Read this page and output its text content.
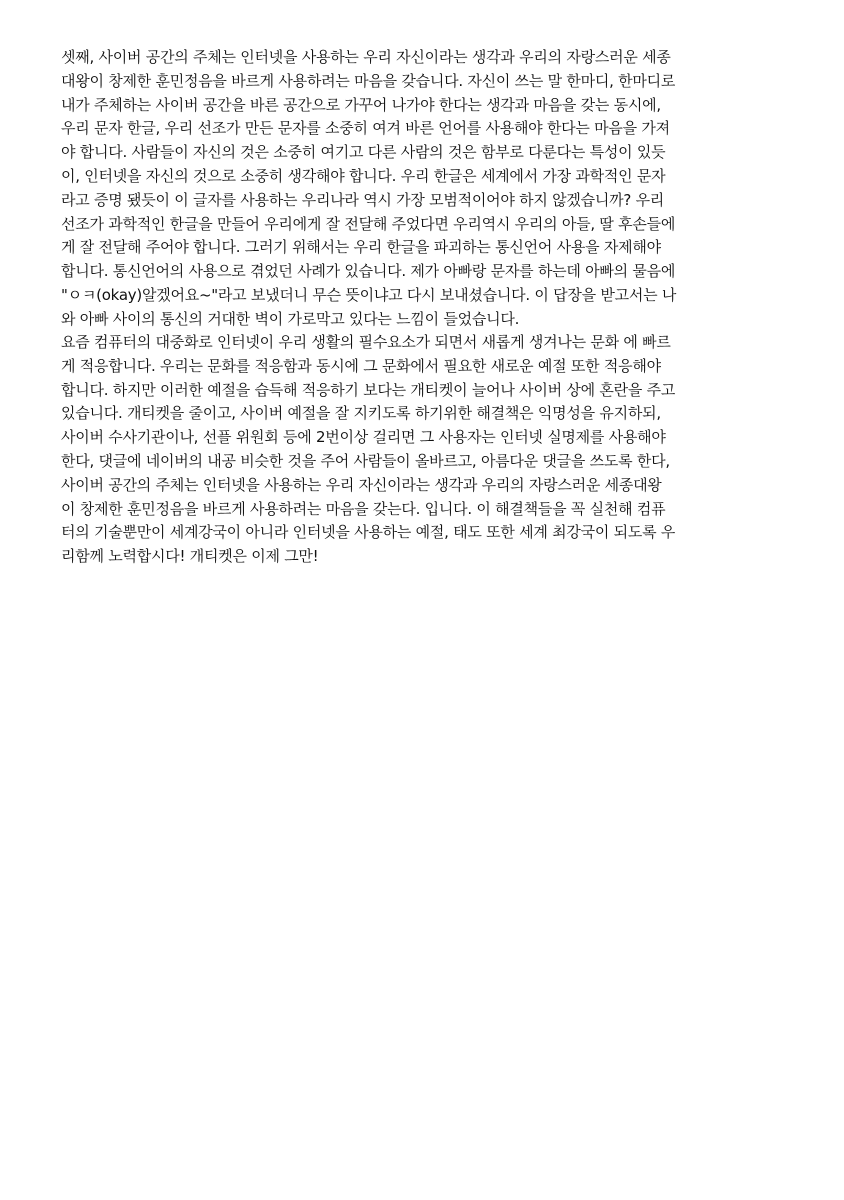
셋째, 사이버 공간의 주체는 인터넷을 사용하는 우리 자신이라는 생각과 우리의 자랑스러운 세종
대왕이 창제한 훈민정음을 바르게 사용하려는 마음을 갖습니다. 자신이 쓰는 말 한마디, 한마디로
내가 주체하는 사이버 공간을 바른 공간으로 가꾸어 나가야 한다는 생각과 마음을 갖는 동시에,
우리 문자 한글, 우리 선조가 만든 문자를 소중히 여겨 바른 언어를 사용해야 한다는 마음을 가져
야 합니다. 사람들이 자신의 것은 소중히 여기고 다른 사람의 것은 함부로 다룬다는 특성이 있듯
이, 인터넷을 자신의 것으로 소중히 생각해야 합니다. 우리 한글은 세계에서 가장 과학적인 문자
라고 증명 됐듯이 이 글자를 사용하는 우리나라 역시 가장 모범적이어야 하지 않겠습니까? 우리
선조가 과학적인 한글을 만들어 우리에게 잘 전달해 주었다면 우리역시 우리의 아들, 딸 후손들에
게 잘 전달해 주어야 합니다. 그러기 위해서는 우리 한글을 파괴하는 통신언어 사용을 자제해야
합니다. 통신언어의 사용으로 겪었던 사례가 있습니다. 제가 아빠랑 문자를 하는데 아빠의 물음에
"ㅇㅋ(okay)알겠어요~"라고 보냈더니 무슨 뜻이냐고 다시 보내셨습니다. 이 답장을 받고서는 나
와 아빠 사이의 통신의 거대한 벽이 가로막고 있다는 느낌이 들었습니다.

요즘 컴퓨터의 대중화로 인터넷이 우리 생활의 필수요소가 되면서 새롭게 생겨나는 문화 에 빠르
게 적응합니다. 우리는 문화를 적응함과 동시에 그 문화에서 필요한 새로운 예절 또한 적응해야
합니다. 하지만 이러한 예절을 습득해 적응하기 보다는 개티켓이 늘어나 사이버 상에 혼란을 주고
있습니다. 개티켓을 줄이고, 사이버 예절을 잘 지키도록 하기위한 해결책은 익명성을 유지하되,
사이버 수사기관이나, 선플 위원회 등에 2번이상 걸리면 그 사용자는 인터넷 실명제를 사용해야
한다, 댓글에 네이버의 내공 비슷한 것을 주어 사람들이 올바르고, 아름다운 댓글을 쓰도록 한다,
사이버 공간의 주체는 인터넷을 사용하는 우리 자신이라는 생각과 우리의 자랑스러운 세종대왕
이 창제한 훈민정음을 바르게 사용하려는 마음을 갖는다. 입니다. 이 해결책들을 꼭 실천해 컴퓨
터의 기술뿐만이 세계강국이 아니라 인터넷을 사용하는 예절, 태도 또한 세계 최강국이 되도록 우
리함께 노력합시다! 개티켓은 이제 그만!
